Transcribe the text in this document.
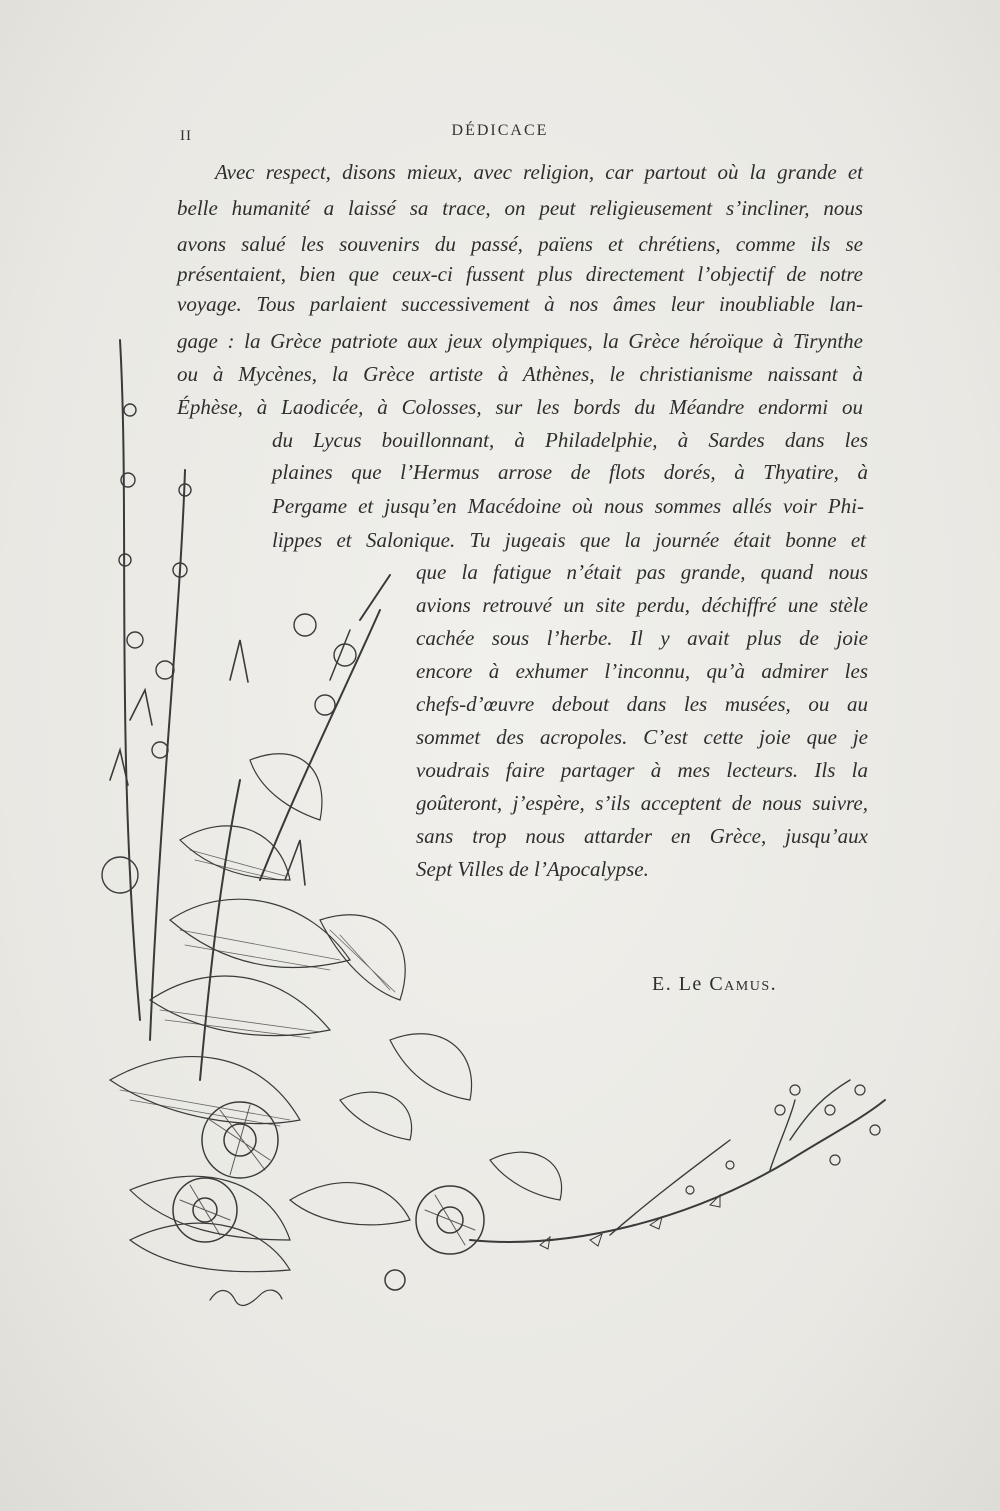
II	DÉDICACE
Avec respect, disons mieux, avec religion, car partout où la grande et
belle humanité a laissé sa trace, on peut religieusement s’incliner, nous
avons salué les souvenirs du passé, païens et chrétiens, comme ils se
présentaient, bien que ceux-ci fussent plus directement l’objectif de notre
voyage. Tous parlaient successivement à nos âmes leur inoubliable lan-
gage : la Grèce patriote aux jeux olympiques, la Grèce héroïque à Tirynthe
ou à Mycènes, la Grèce artiste à Athènes, le christianisme naissant à
Éphèse, à Laodicée, à Colosses, sur les bords du Méandre endormi ou
du Lycus bouillonnant, à Philadelphie, à Sardes dans les
plaines que l’Hermus arrose de flots dorés, à Thyatire, à
Pergame et jusqu’en Macédoine où nous sommes allés voir Phi-
lippes et Salonique. Tu jugeais que la journée était bonne et
que la fatigue n’était pas grande, quand nous
avions retrouvé un site perdu, déchiffré une stèle
cachée sous l’herbe. Il y avait plus de joie
encore à exhumer l’inconnu, qu’à admirer les
chefs-d’œuvre debout dans les musées, ou au
sommet des acropoles. C’est cette joie que je
voudrais faire partager à mes lecteurs. Ils la
goûteront, j’espère, s’ils acceptent de nous suivre,
sans trop nous attarder en Grèce, jusqu’aux
Sept Villes de l’Apocalypse.
E. Le Camus.
